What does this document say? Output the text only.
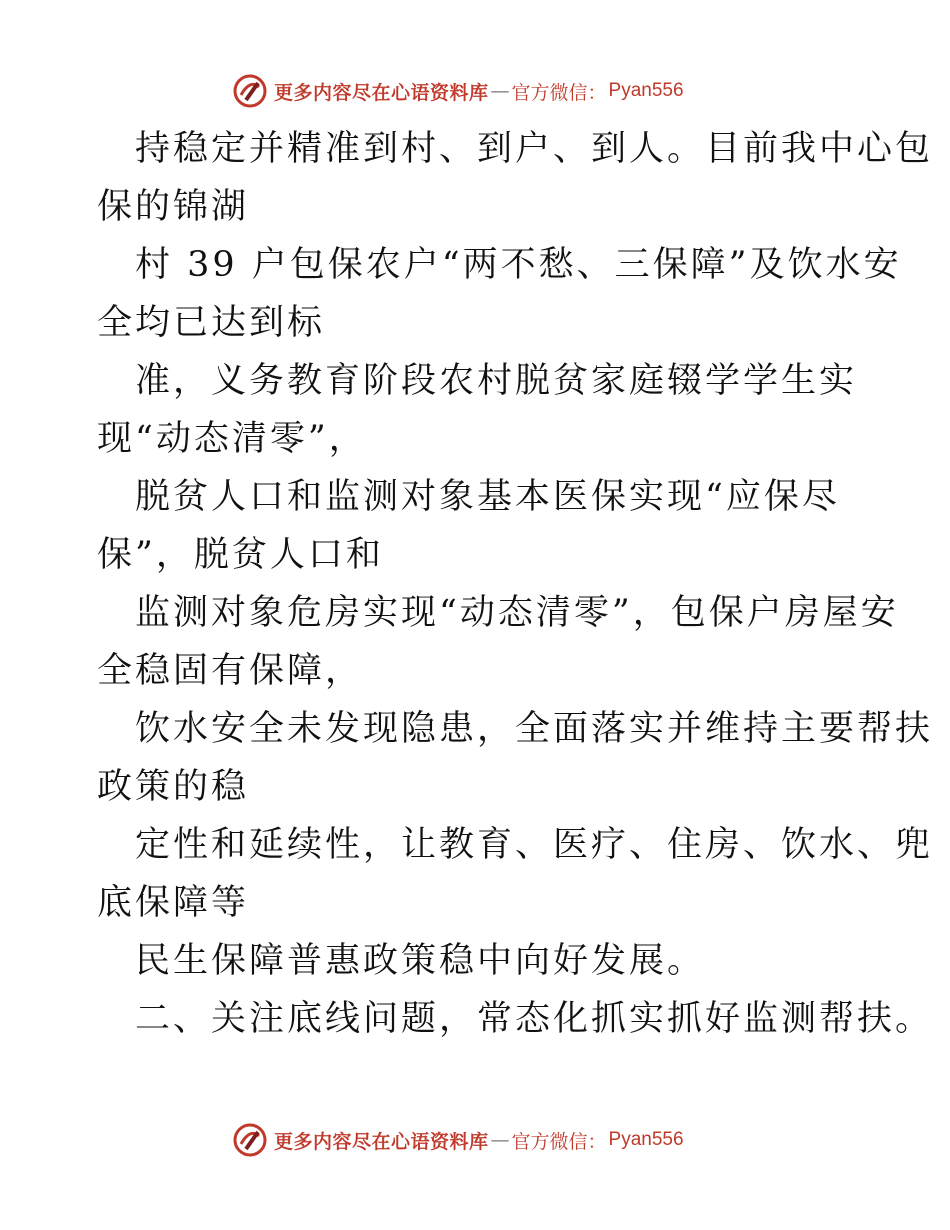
更多内容尽在心语资料库 — 官方微信： Pyan556

持稳定并精准到村、到户、到人。目前我中心包
保的锦湖

村 39 户包保农户“两不愁、三保障”及饮水安
全均已达到标

准，义务教育阶段农村脱贫家庭辍学学生实
现“动态清零”，

脱贫人口和监测对象基本医保实现“应保尽
保”，脱贫人口和

监测对象危房实现“动态清零”，包保户房屋安
全稳固有保障，

饮水安全未发现隐患，全面落实并维持主要帮扶
政策的稳

定性和延续性，让教育、医疗、住房、饮水、兜
底保障等

民生保障普惠政策稳中向好发展。

二、关注底线问题，常态化抓实抓好监测帮扶。

更多内容尽在心语资料库 — 官方微信： Pyan556
